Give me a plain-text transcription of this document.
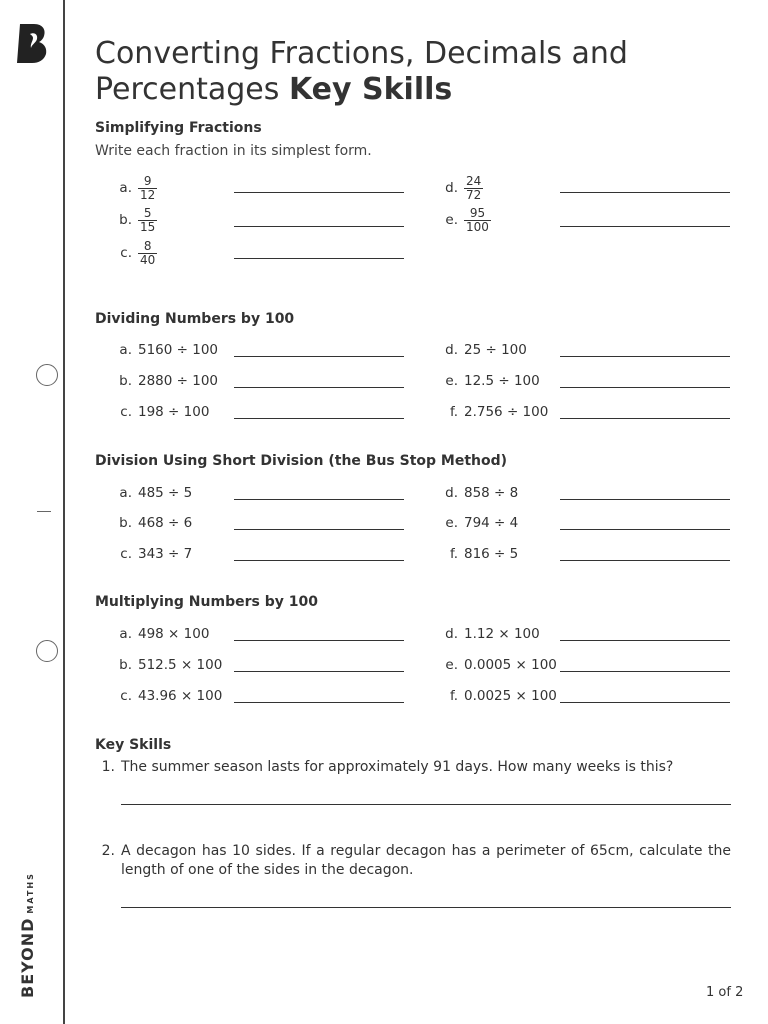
BEYONDMATHS
Converting Fractions, Decimals and
Percentages Key Skills
Simplifying Fractions
Write each fraction in its simplest form.
a. $\frac{9}{12}$
b. $\frac{5}{15}$
c. $\frac{8}{40}$
d. $\frac{24}{72}$
e. $\frac{95}{100}$
Dividing Numbers by 100
a. 5160 ÷ 100
b. 2880 ÷ 100
c. 198 ÷ 100
d. 25 ÷ 100
e. 12.5 ÷ 100
f. 2.756 ÷ 100
Division Using Short Division (the Bus Stop Method)
a. 485 ÷ 5
b. 468 ÷ 6
c. 343 ÷ 7
d. 858 ÷ 8
e. 794 ÷ 4
f. 816 ÷ 5
Multiplying Numbers by 100
a. 498 × 100
b. 512.5 × 100
c. 43.96 × 100
d. 1.12 × 100
e. 0.0005 × 100
f. 0.0025 × 100
Key Skills
1. The summer season lasts for approximately 91 days. How many weeks is this?
2. A decagon has 10 sides. If a regular decagon has a perimeter of 65cm, calculate the length of one of the sides in the decagon.
1 of 2
